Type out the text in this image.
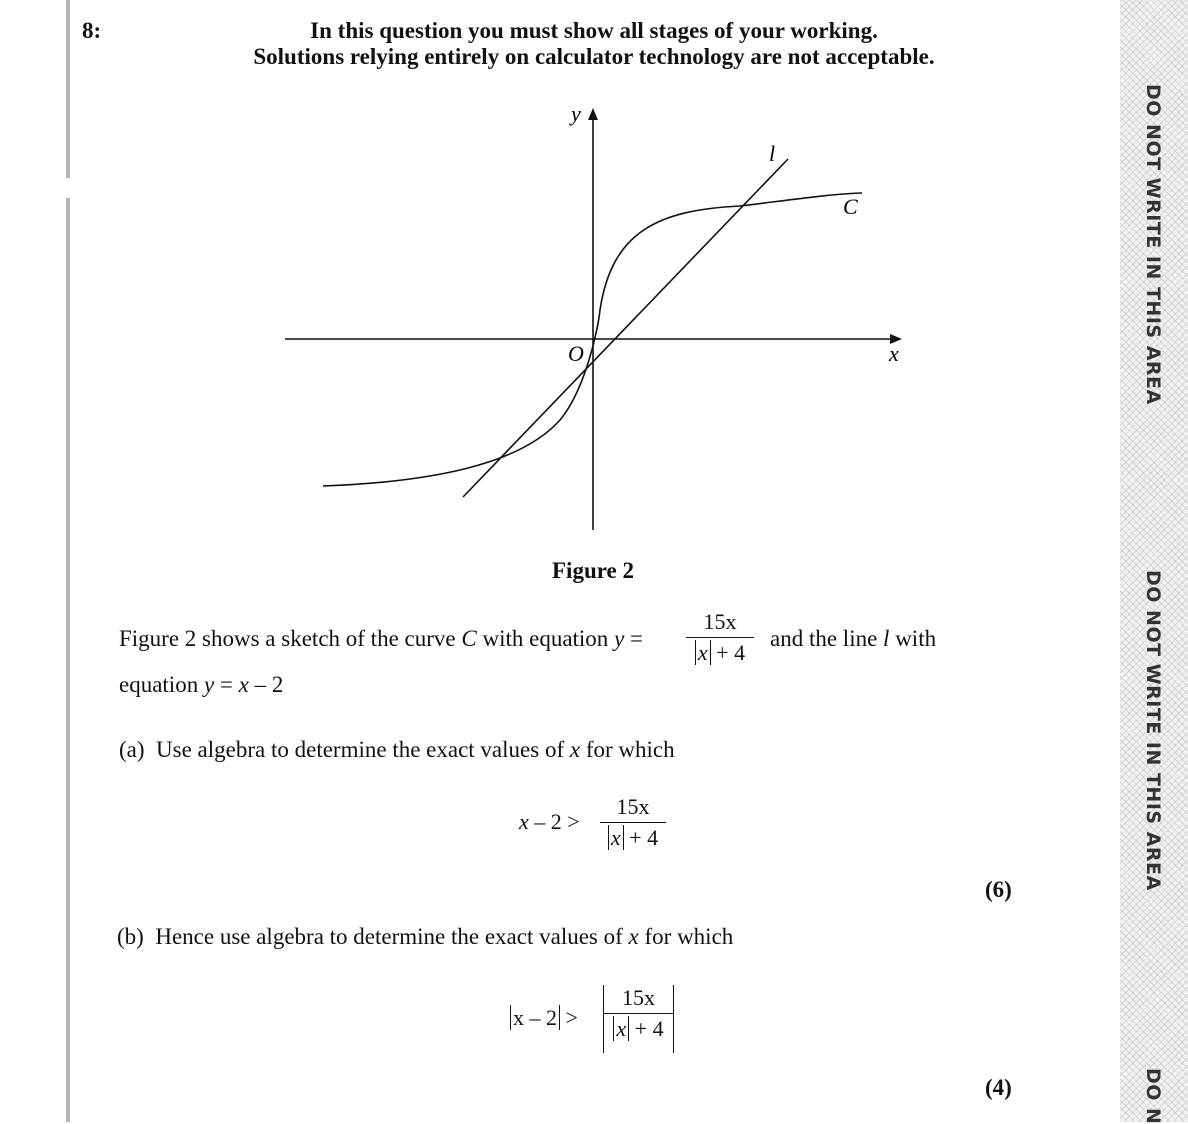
8:	In this question you must show all stages of your working.
Solutions relying entirely on calculator technology are not acceptable.
y
x
O
l
C
Figure 2
Figure 2 shows a sketch of the curve C with equation y =
15x
x + 4
and the line l with
equation y = x – 2
(a) Use algebra to determine the exact values of x for which
x – 2 >
15x
x + 4
(6)
(b) Hence use algebra to determine the exact values of x for which
x – 2 >
15x
x + 4
(4)
DO NOT WRITE IN THIS AREA
DO NOT WRITE IN THIS AREA
DO N
